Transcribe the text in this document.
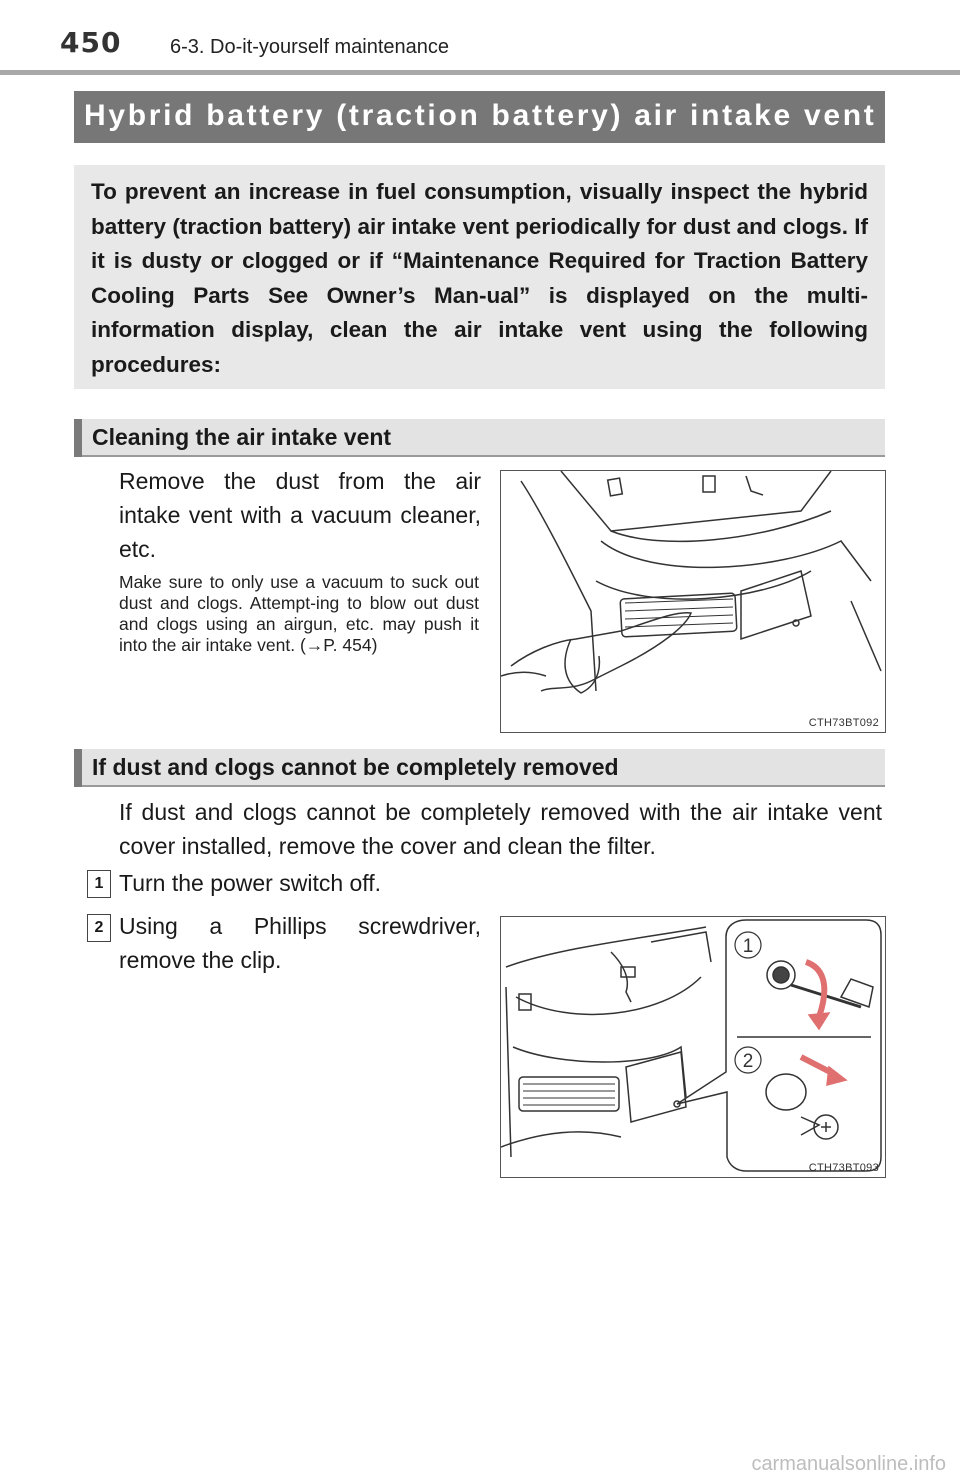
450 6-3. Do-it-yourself maintenance
Hybrid battery (traction battery) air intake vent

To prevent an increase in fuel consumption, visually inspect the hybrid battery (traction battery) air intake vent periodically for dust and clogs. If it is dusty or clogged or if “Maintenance Required for Traction Battery Cooling Parts See Owner’s Man-ual” is displayed on the multi-information display, clean the air intake vent using the following procedures:

Cleaning the air intake vent

Remove the dust from the air intake vent with a vacuum cleaner, etc.

Make sure to only use a vacuum to suck out dust and clogs. Attempt-ing to blow out dust and clogs using an airgun, etc. may push it into the air intake vent. (→P. 454)

CTH73BT092
If dust and clogs cannot be completely removed

If dust and clogs cannot be completely removed with the air intake vent cover installed, remove the cover and clean the filter.

1 Turn the power switch off.

2 Using a Phillips screwdriver, remove the clip.

1
2
CTH73BT093
carmanualsonline.info
